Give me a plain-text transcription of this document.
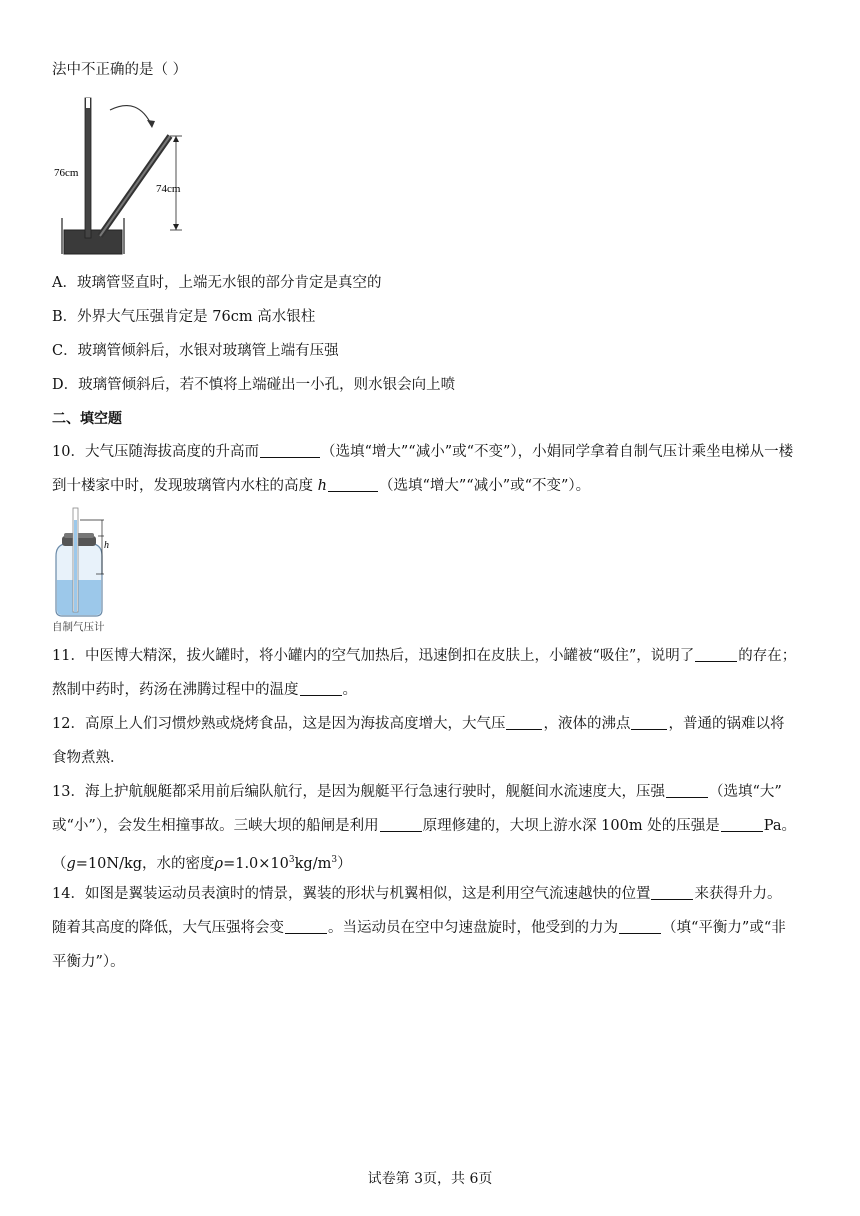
法中不正确的是（ ）
76cm
74cm
A．玻璃管竖直时，上端无水银的部分肯定是真空的
B．外界大气压强肯定是 76cm 高水银柱
C．玻璃管倾斜后，水银对玻璃管上端有压强
D．玻璃管倾斜后，若不慎将上端碰出一小孔，则水银会向上喷
二、填空题
10．大气压随海拔高度的升高而	（选填“增大”“减小”或“不变”），小娟同学拿着自制气压计乘坐电梯从一楼
到十楼家中时，发现玻璃管内水柱的高度 h	（选填“增大”“减小”或“不变”）。
h
自制气压计
11．中医博大精深，拔火罐时，将小罐内的空气加热后，迅速倒扣在皮肤上，小罐被“吸住”，说明了	的存在；
熬制中药时，药汤在沸腾过程中的温度	。
12．高原上人们习惯炒熟或烧烤食品，这是因为海拔高度增大，大气压	，液体的沸点	，普通的锅难以将
食物煮熟．
13．海上护航舰艇都采用前后编队航行，是因为舰艇平行急速行驶时，舰艇间水流速度大，压强	（选填“大”
或“小”），会发生相撞事故。三峡大坝的船闸是利用	原理修建的，大坝上游水深 100m 处的压强是	Pa。
（g=10N/kg，水的密度$\rho=1.0\times 10^3kg/m^3$）
14．如图是翼装运动员表演时的情景，翼装的形状与机翼相似，这是利用空气流速越快的位置	来获得升力。
随着其高度的降低，大气压强将会变	。当运动员在空中匀速盘旋时，他受到的力为	（填“平衡力”或“非
平衡力”）。
试卷第 3页，共 6页
